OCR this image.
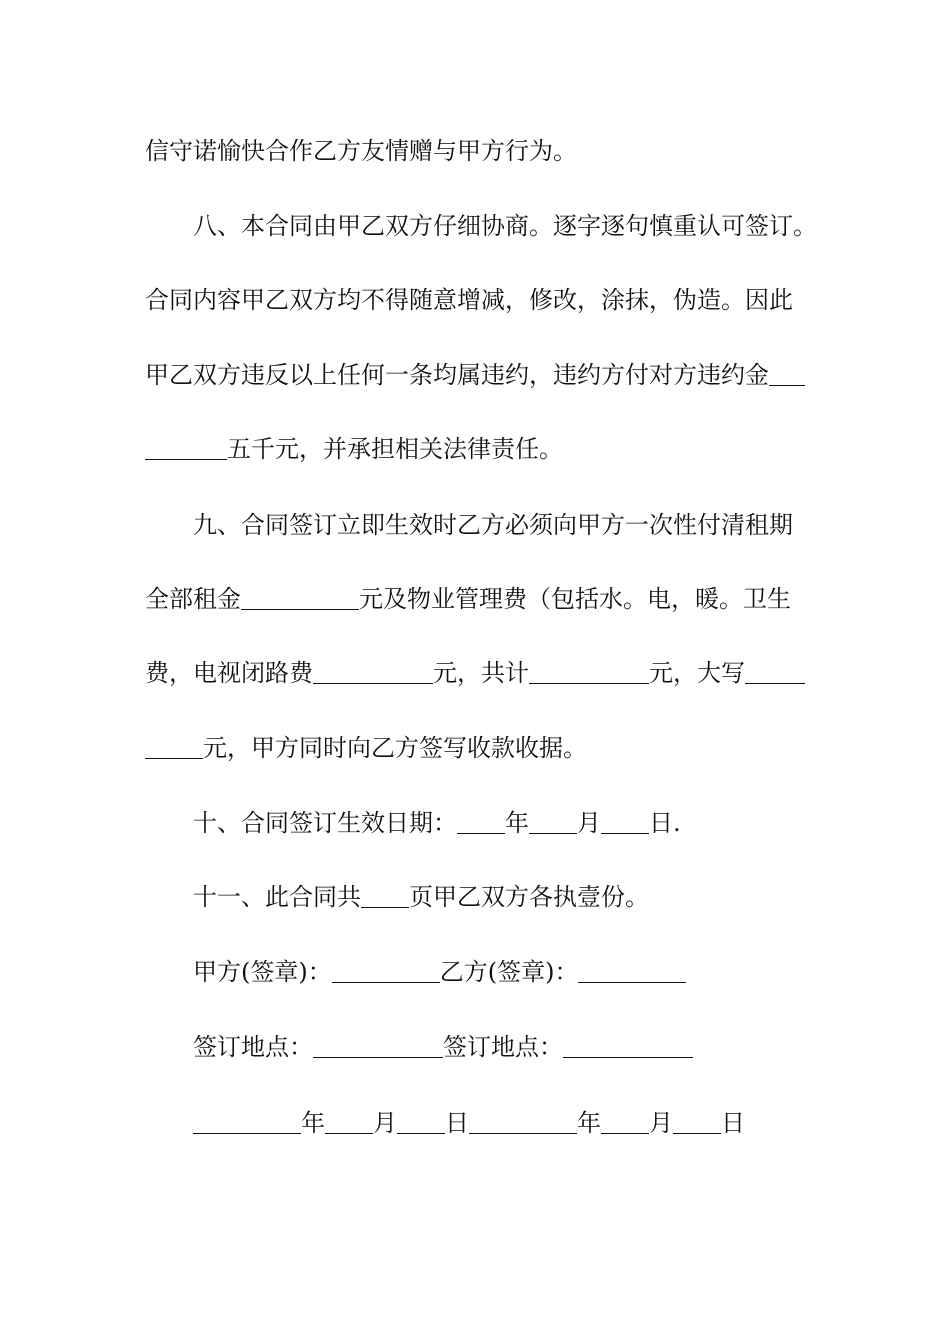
信守诺愉快合作乙方友情赠与甲方行为。
八、本合同由甲乙双方仔细协商。逐字逐句慎重认可签订。
合同内容甲乙双方均不得随意增减，修改，涂抹，伪造。因此
甲乙双方违反以上任何一条均属违约，违约方付对方违约金
五千元，并承担相关法律责任。
九、合同签订立即生效时乙方必须向甲方一次性付清租期
全部租金	元及物业管理费（包括水。电，暖。卫生
费，电视闭路费	元，共计	元，大写
元，甲方同时向乙方签写收款收据。
十、合同签订生效日期： 年 月 日.
十一、此合同共 页甲乙双方各执壹份。
甲方(签章)：	乙方(签章)：
签订地点：	签订地点：
年 月 日	年 月 日
